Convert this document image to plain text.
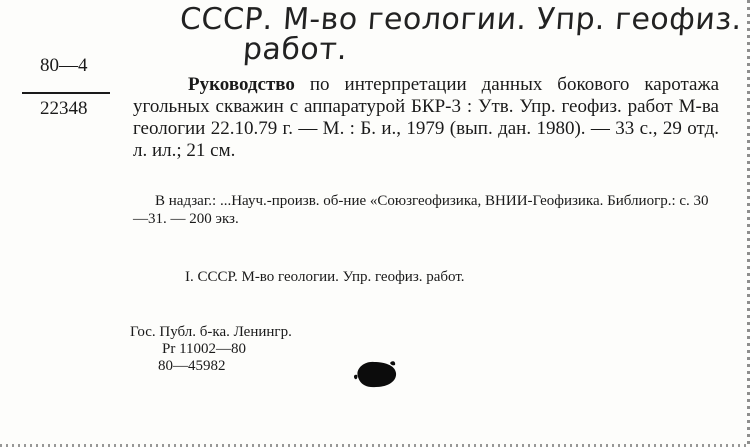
СССР. М-во геологии. Упр. геофиз.
работ.
80—4
22348
Руководство по интерпретации данных бокового каротажа угольных скважин с аппаратурой БКР-3 : Утв. Упр. геофиз. работ М-ва геологии 22.10.79 г. — М. : Б. и., 1979 (вып. дан. 1980). — 33 с., 29 отд. л. ил.; 21 см.
В надзаг.: ...Науч.-произв. об-ние «Союзгеофизика, ВНИИ-Геофизика. Библиогр.: с. 30—31. — 200 экз.
I. СССР. М-во геологии. Упр. геофиз. работ.
Гос. Публ. б-ка. Ленингр.
Pr 11002—80
80—45982
